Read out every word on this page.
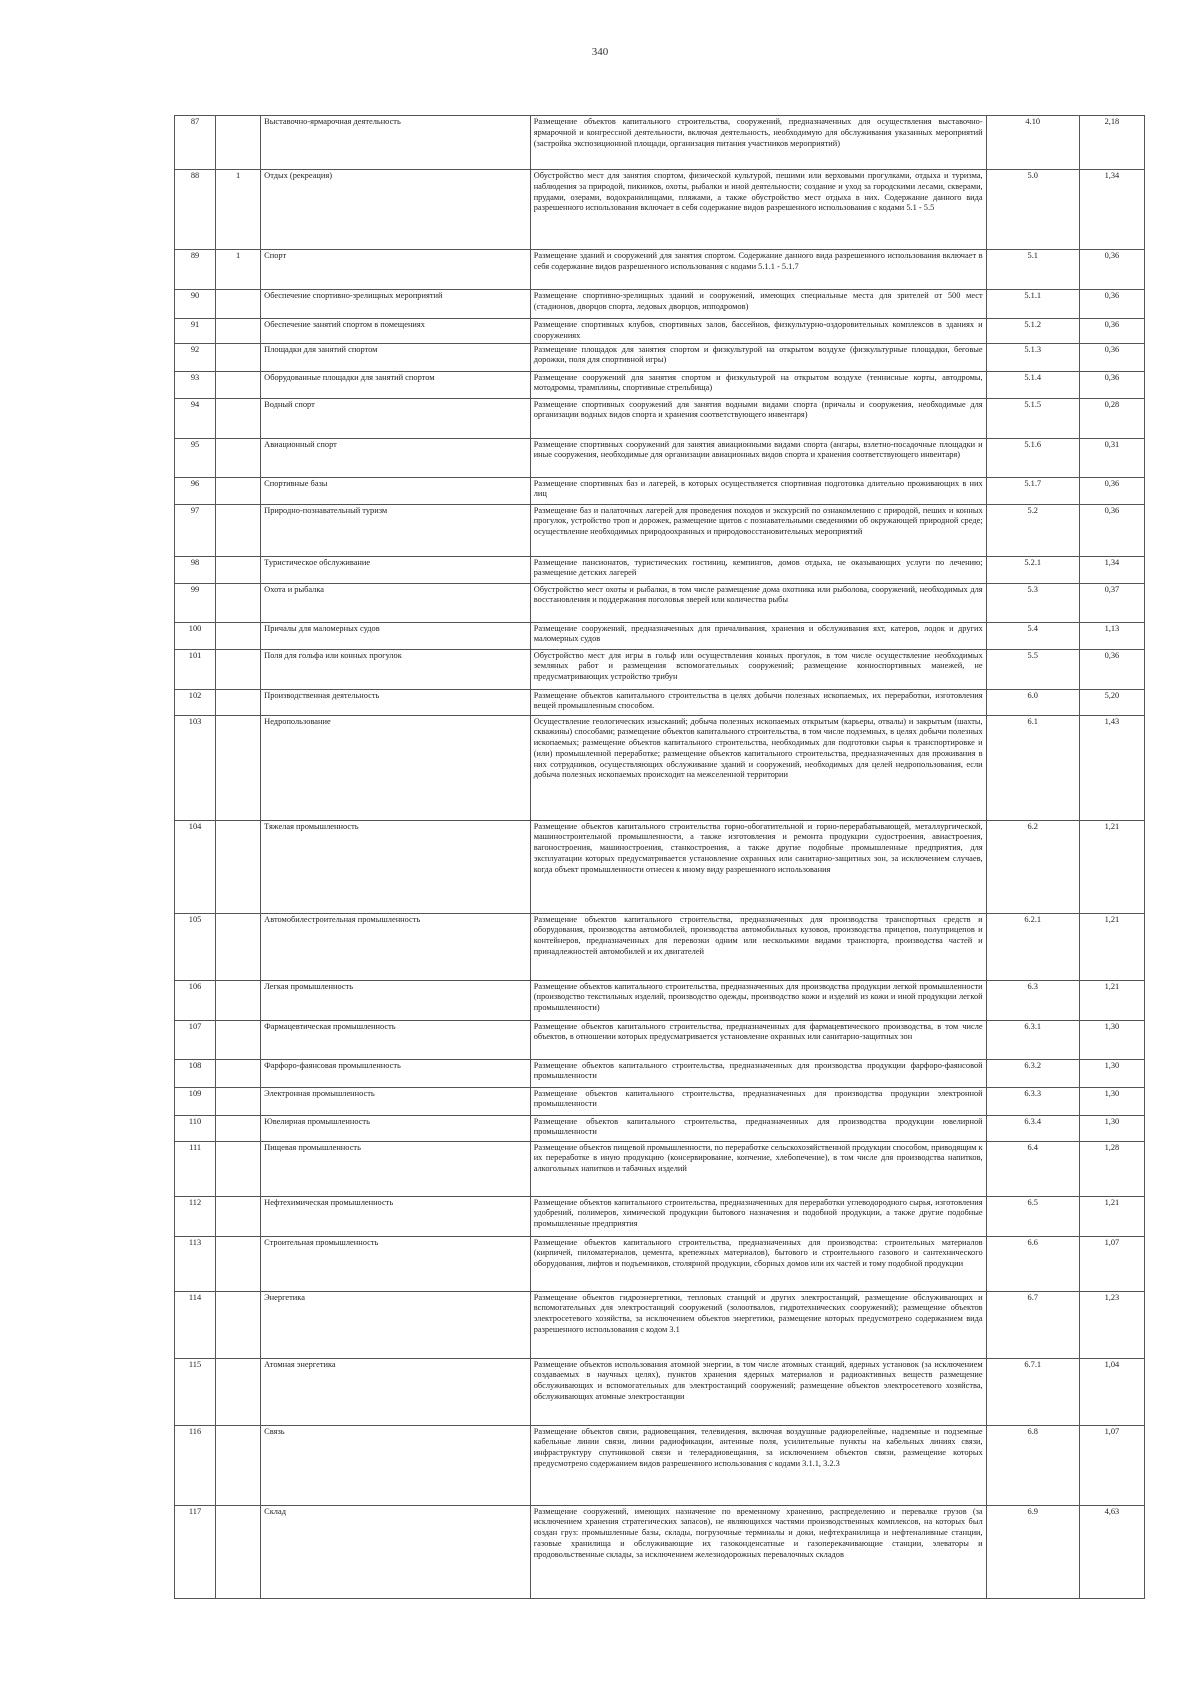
340
87		Выставочно-ярмарочная деятельность	Размещение объектов капитального строительства, сооружений, предназначенных для осуществления выставочно-ярмарочной и конгрессной деятельности, включая деятельность, необходимую для обслуживания указанных мероприятий (застройка экспозиционной площади, организация питания участников мероприятий)	4.10	2,18
88	1	Отдых (рекреация)	Обустройство мест для занятия спортом, физической культурой, пешими или верховыми прогулками, отдыха и туризма, наблюдения за природой, пикников, охоты, рыбалки и иной деятельности; создание и уход за городскими лесами, скверами, прудами, озерами, водохранилищами, пляжами, а также обустройство мест отдыха в них. Содержание данного вида разрешенного использования включает в себя содержание видов разрешенного использования с кодами 5.1 - 5.5	5.0	1,34
89	1	Спорт	Размещение зданий и сооружений для занятия спортом. Содержание данного вида разрешенного использования включает в себя содержание видов разрешенного использования с кодами 5.1.1 - 5.1.7	5.1	0,36
90		Обеспечение спортивно-зрелищных мероприятий	Размещение спортивно-зрелищных зданий и сооружений, имеющих специальные места для зрителей от 500 мест (стадионов, дворцов спорта, ледовых дворцов, ипподромов)	5.1.1	0,36
91		Обеспечение занятий спортом в помещениях	Размещение спортивных клубов, спортивных залов, бассейнов, физкультурно-оздоровительных комплексов в зданиях и сооружениях	5.1.2	0,36
92		Площадки для занятий спортом	Размещение площадок для занятия спортом и физкультурой на открытом воздухе (физкультурные площадки, беговые дорожки, поля для спортивной игры)	5.1.3	0,36
93		Оборудованные площадки для занятий спортом	Размещение сооружений для занятия спортом и физкультурой на открытом воздухе (теннисные корты, автодромы, мотодромы, трамплины, спортивные стрельбища)	5.1.4	0,36
94		Водный спорт	Размещение спортивных сооружений для занятия водными видами спорта (причалы и сооружения, необходимые для организации водных видов спорта и хранения соответствующего инвентаря)	5.1.5	0,28
95		Авиационный спорт	Размещение спортивных сооружений для занятия авиационными видами спорта (ангары, взлетно-посадочные площадки и иные сооружения, необходимые для организации авиационных видов спорта и хранения соответствующего инвентаря)	5.1.6	0,31
96		Спортивные базы	Размещение спортивных баз и лагерей, в которых осуществляется спортивная подготовка длительно проживающих в них лиц	5.1.7	0,36
97		Природно-познавательный туризм	Размещение баз и палаточных лагерей для проведения походов и экскурсий по ознакомлению с природой, пеших и конных прогулок, устройство троп и дорожек, размещение щитов с познавательными сведениями об окружающей природной среде; осуществление необходимых природоохранных и природовосстановительных мероприятий	5.2	0,36
98		Туристическое обслуживание	Размещение пансионатов, туристических гостиниц, кемпингов, домов отдыха, не оказывающих услуги по лечению; размещение детских лагерей	5.2.1	1,34
99		Охота и рыбалка	Обустройство мест охоты и рыбалки, в том числе размещение дома охотника или рыболова, сооружений, необходимых для восстановления и поддержания поголовья зверей или количества рыбы	5.3	0,37
100		Причалы для маломерных судов	Размещение сооружений, предназначенных для причаливания, хранения и обслуживания яхт, катеров, лодок и других маломерных судов	5.4	1,13
101		Поля для гольфа или конных прогулок	Обустройство мест для игры в гольф или осуществления конных прогулок, в том числе осуществление необходимых земляных работ и размещения вспомогательных сооружений; размещение конноспортивных манежей, не предусматривающих устройство трибун	5.5	0,36
102		Производственная деятельность	Размещение объектов капитального строительства в целях добычи полезных ископаемых, их переработки, изготовления вещей промышленным способом.	6.0	5,20
103		Недропользование	Осуществление геологических изысканий; добыча полезных ископаемых открытым (карьеры, отвалы) и закрытым (шахты, скважины) способами; размещение объектов капитального строительства, в том числе подземных, в целях добычи полезных ископаемых; размещение объектов капитального строительства, необходимых для подготовки сырья к транспортировке и (или) промышленной переработке; размещение объектов капитального строительства, предназначенных для проживания в них сотрудников, осуществляющих обслуживание зданий и сооружений, необходимых для целей недропользования, если добыча полезных ископаемых происходит на межселенной территории	6.1	1,43
104		Тяжелая промышленность	Размещение объектов капитального строительства горно-обогатительной и горно-перерабатывающей, металлургической, машиностроительной промышленности, а также изготовления и ремонта продукции судостроения, авиастроения, вагоностроения, машиностроения, станкостроения, а также другие подобные промышленные предприятия, для эксплуатации которых предусматривается установление охранных или санитарно-защитных зон, за исключением случаев, когда объект промышленности отнесен к иному виду разрешенного использования	6.2	1,21
105		Автомобилестроительная промышленность	Размещение объектов капитального строительства, предназначенных для производства транспортных средств и оборудования, производства автомобилей, производства автомобильных кузовов, производства прицепов, полуприцепов и контейнеров, предназначенных для перевозки одним или несколькими видами транспорта, производства частей и принадлежностей автомобилей и их двигателей	6.2.1	1,21
106		Легкая промышленность	Размещение объектов капитального строительства, предназначенных для производства продукции легкой промышленности (производство текстильных изделий, производство одежды, производство кожи и изделий из кожи и иной продукции легкой промышленности)	6.3	1,21
107		Фармацевтическая промышленность	Размещение объектов капитального строительства, предназначенных для фармацевтического производства, в том числе объектов, в отношении которых предусматривается установление охранных или санитарно-защитных зон	6.3.1	1,30
108		Фарфоро-фаянсовая промышленность	Размещение объектов капитального строительства, предназначенных для производства продукции фарфоро-фаянсовой промышленности	6.3.2	1,30
109		Электронная промышленность	Размещение объектов капитального строительства, предназначенных для производства продукции электронной промышленности	6.3.3	1,30
110		Ювелирная промышленность	Размещение объектов капитального строительства, предназначенных для производства продукции ювелирной промышленности	6.3.4	1,30
111		Пищевая промышленность	Размещение объектов пищевой промышленности, по переработке сельскохозяйственной продукции способом, приводящим к их переработке в иную продукцию (консервирование, копчение, хлебопечение), в том числе для производства напитков, алкогольных напитков и табачных изделий	6.4	1,28
112		Нефтехимическая промышленность	Размещение объектов капитального строительства, предназначенных для переработки углеводородного сырья, изготовления удобрений, полимеров, химической продукции бытового назначения и подобной продукции, а также другие подобные промышленные предприятия	6.5	1,21
113		Строительная промышленность	Размещение объектов капитального строительства, предназначенных для производства: строительных материалов (кирпичей, пиломатериалов, цемента, крепежных материалов), бытового и строительного газового и сантехнического оборудования, лифтов и подъемников, столярной продукции, сборных домов или их частей и тому подобной продукции	6.6	1,07
114		Энергетика	Размещение объектов гидроэнергетики, тепловых станций и других электростанций, размещение обслуживающих и вспомогательных для электростанций сооружений (золоотвалов, гидротехнических сооружений); размещение объектов электросетевого хозяйства, за исключением объектов энергетики, размещение которых предусмотрено содержанием вида разрешенного использования с кодом 3.1	6.7	1,23
115		Атомная энергетика	Размещение объектов использования атомной энергии, в том числе атомных станций, ядерных установок (за исключением создаваемых в научных целях), пунктов хранения ядерных материалов и радиоактивных веществ размещение обслуживающих и вспомогательных для электростанций сооружений; размещение объектов электросетевого хозяйства, обслуживающих атомные электростанции	6.7.1	1,04
116		Связь	Размещение объектов связи, радиовещания, телевидения, включая воздушные радиорелейные, надземные и подземные кабельные линии связи, линии радиофикации, антенные поля, усилительные пункты на кабельных линиях связи, инфраструктуру спутниковой связи и телерадиовещания, за исключением объектов связи, размещение которых предусмотрено содержанием видов разрешенного использования с кодами 3.1.1, 3.2.3	6.8	1,07
117		Склад	Размещение сооружений, имеющих назначение по временному хранению, распределению и перевалке грузов (за исключением хранения стратегических запасов), не являющихся частями производственных комплексов, на которых был создан груз: промышленные базы, склады, погрузочные терминалы и доки, нефтехранилища и нефтеналивные станции, газовые хранилища и обслуживающие их газоконденсатные и газоперекачивающие станции, элеваторы и продовольственные склады, за исключением железнодорожных перевалочных складов	6.9	4,63
